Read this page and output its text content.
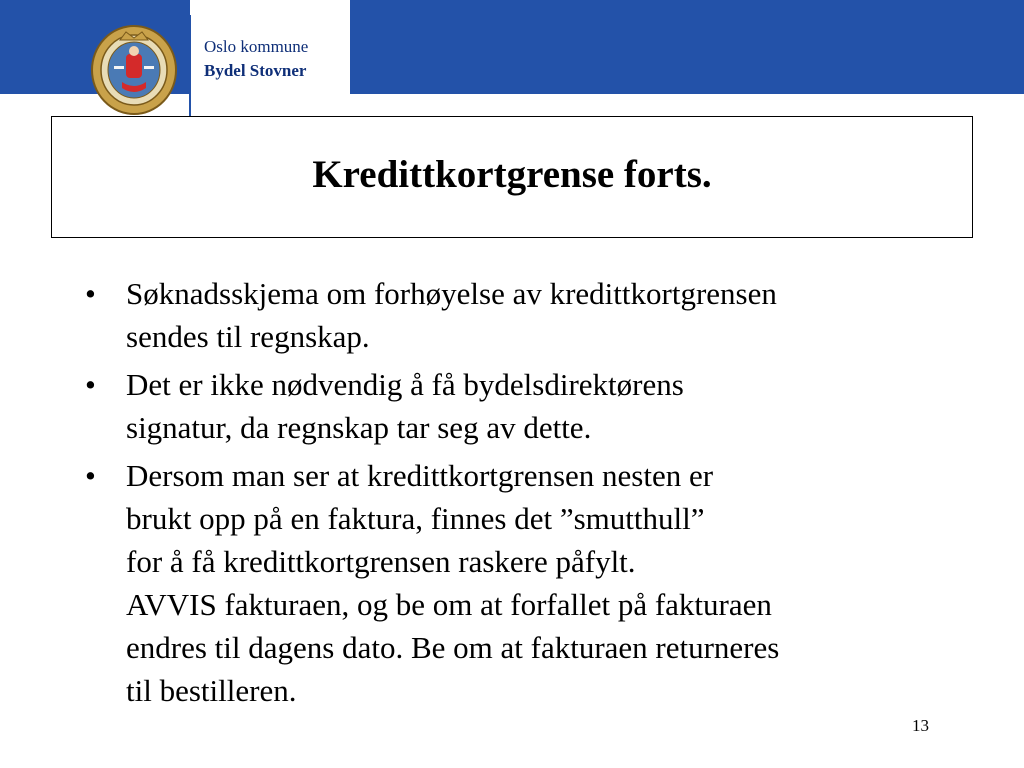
Oslo kommune
Bydel Stovner
Kredittkortgrense forts.
• Søknadsskjema om forhøyelse av kredittkortgrensen
sendes til regnskap.
• Det er ikke nødvendig å få bydelsdirektørens
signatur, da regnskap tar seg av dette.
• Dersom man ser at kredittkortgrensen nesten er
brukt opp på en faktura, finnes det ”smutthull”
for å få kredittkortgrensen raskere påfylt.
AVVIS fakturaen, og be om at forfallet på fakturaen
endres til dagens dato. Be om at fakturaen returneres
til bestilleren.
13
